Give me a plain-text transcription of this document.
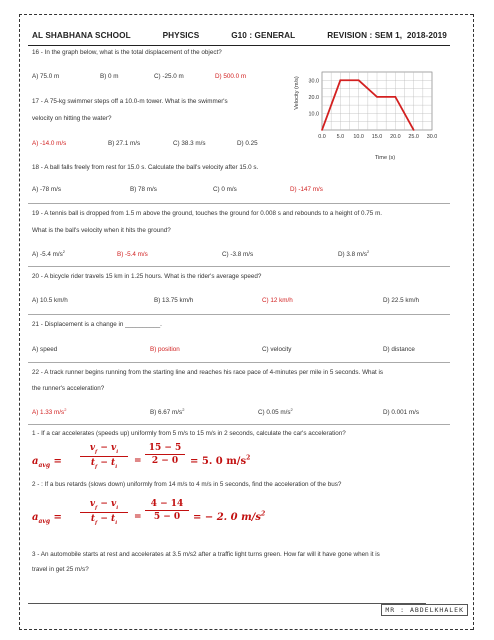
AL SHABHANA SCHOOL	PHYSICS	G10 : GENERAL	REVISION : SEM 1, 2018-2019
16 - In the graph below, what is the total displacement of the object?
A) 75.0 m	B) 0 m	C) -25.0 m	D) 500.0 m
17 - A 75-kg swimmer steps off a 10.0-m tower. What is the swimmer's
velocity on hitting the water?
A) -14.0 m/s	B) 27.1 m/s	C) 38.3 m/s	D) 0.25
0.0 5.0 10.0 15.0 20.0 25.0 30.0
10.0
20.0
30.0
Velocity (m/s)
Time (s)
18 - A ball falls freely from rest for 15.0 s. Calculate the ball's velocity after 15.0 s.
A) -78 m/s	B) 78 m/s	C) 0 m/s	D) -147 m/s
19 - A tennis ball is dropped from 1.5 m above the ground, touches the ground for 0.008 s and rebounds to a height of 0.75 m.
What is the ball's velocity when it hits the ground?
A) -5.4 $m/s^2$	B) -5.4 m/s	C) -3.8 m/s	D) 3.8 $m/s^2$
20 - A bicycle rider travels 15 km in 1.25 hours. What is the rider's average speed?
A) 10.5 km/h	B) 13.75 km/h	C) 12 km/h	D) 22.5 km/h
21 - Displacement is a change in __________.
A) speed	B) position	C) velocity	D) distance
22 - A track runner begins running from the starting line and reaches his race pace of 4-minutes per mile in 5 seconds. What is
the runner's acceleration?
A) 1.33 $m/s^2$	B) 6.67 $m/s^2$	C) 0.05 $m/s^2$	D) 0.001 m/s
1 - If a car accelerates (speeds up) uniformly from 5 m/s to 15 m/s in 2 seconds, calculate the car's acceleration?
$a_{avg}$ =
$v_f - v_i$
$t_f - t_i$
=
15 − 5
2 − 0	= 5. 0 $m/s^2$
2 - : If a bus retards (slows down) uniformly from 14 m/s to 4 m/s in 5 seconds, find the acceleration of the bus?
$a_{avg}$ =
$v_f - v_i$
$t_f - t_i$
=
4 − 14
5 − 0	= − 2. 0 $m/s^2$
3 - An automobile starts at rest and accelerates at 3.5 m/s2 after a traffic light turns green. How far will it have gone when it is
travel in get 25 m/s?
MR : ABDELKHALEK
